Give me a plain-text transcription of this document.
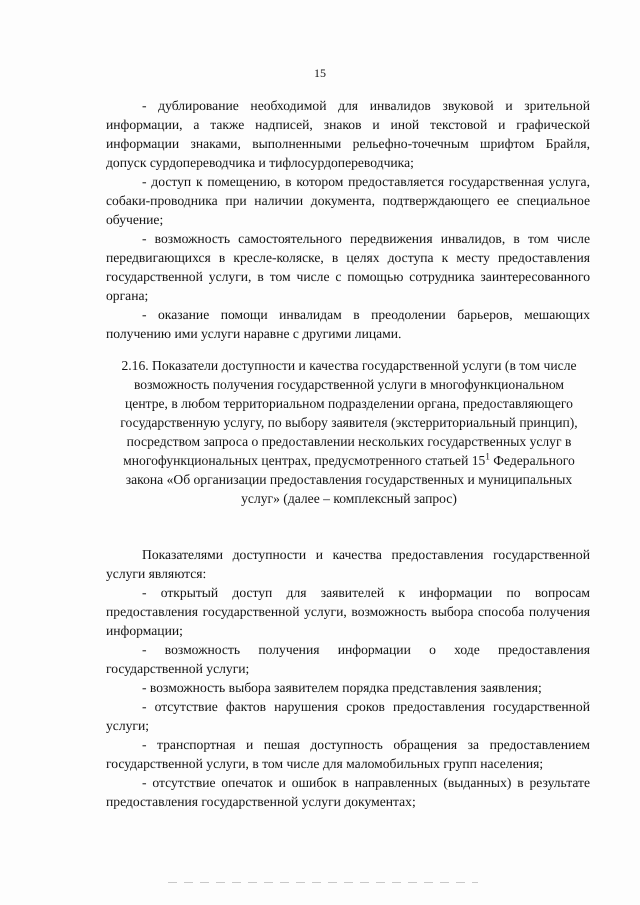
15

- дублирование необходимой для инвалидов звуковой и зрительной информации, а также надписей, знаков и иной текстовой и графической информации знаками, выполненными рельефно-точечным шрифтом Брайля, допуск сурдопереводчика и тифлосурдопереводчика;

- доступ к помещению, в котором предоставляется государственная услуга, собаки-проводника при наличии документа, подтверждающего ее специальное обучение;

- возможность самостоятельного передвижения инвалидов, в том числе передвигающихся в кресле-коляске, в целях доступа к месту предоставления государственной услуги, в том числе с помощью сотрудника заинтересованного органа;

- оказание помощи инвалидам в преодолении барьеров, мешающих получению ими услуги наравне с другими лицами.

2.16. Показатели доступности и качества государственной услуги (в том числе возможность получения государственной услуги в многофункциональном центре, в любом территориальном подразделении органа, предоставляющего государственную услугу, по выбору заявителя (экстерриториальный принцип), посредством запроса о предоставлении нескольких государственных услуг в многофункциональных центрах, предусмотренного статьей $15^1$ Федерального закона «Об организации предоставления государственных и муниципальных услуг» (далее – комплексный запрос)

Показателями доступности и качества предоставления государственной услуги являются:

- открытый доступ для заявителей к информации по вопросам предоставления государственной услуги, возможность выбора способа получения информации;

- возможность получения информации о ходе предоставления государственной услуги;

- возможность выбора заявителем порядка представления заявления;

- отсутствие фактов нарушения сроков предоставления государственной услуги;

- транспортная и пешая доступность обращения за предоставлением государственной услуги, в том числе для маломобильных групп населения;

- отсутствие опечаток и ошибок в направленных (выданных) в результате предоставления государственной услуги документах;
